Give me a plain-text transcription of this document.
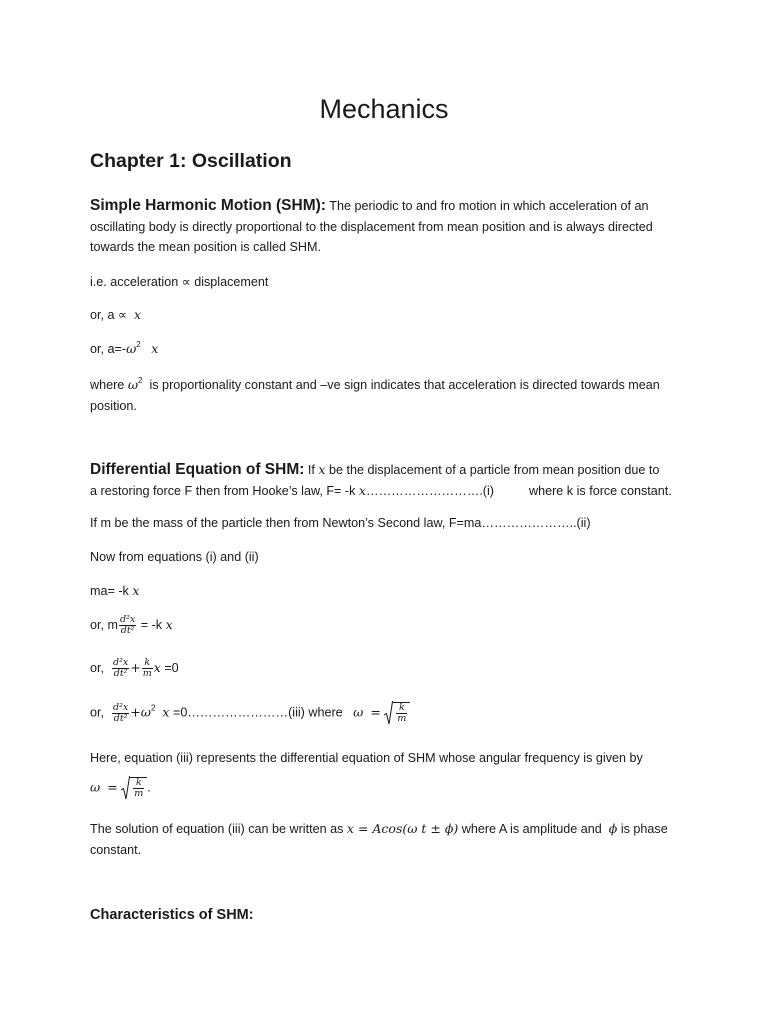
Mechanics
Chapter 1: Oscillation
Simple Harmonic Motion (SHM): The periodic to and fro motion in which acceleration of an
oscillating body is directly proportional to the displacement from mean position and is always directed
towards the mean position is called SHM.
i.e. acceleration ∝ displacement
or, a ∝ x
or, $a=-\omega^2$ x
where $\omega^2$  is proportionality constant and –ve sign indicates that acceleration is directed towards mean
position.
Differential Equation of SHM: If x be the displacement of a particle from mean position due to
a restoring force F then from Hooke’s law, F= -k x……………………….(i)	where k is force constant.
If m be the mass of the particle then from Newton’s Second law, F=ma…………………..(ii)
Now from equations (i) and (ii)
ma= -k x
or, m $\frac{\text{d²x}}{\text{dt²}} = -k$ x
or, $\frac{\text{d²x}}{\text{dt²}} + \frac{k}{m}$ x =0
or, $\frac{\text{d²x}}{\text{dt²}} +\omega^2$ x =0……………………(iii) where $\omega = \frac{k}{m}$
Here, equation (iii) represents the differential equation of SHM whose angular frequency is given by
$\omega = \frac{k}{m}$ .
The solution of equation (iii) can be written as x = Acos(ω t ± ϕ) where A is amplitude and ϕ is phase
constant.
Characteristics of SHM:
